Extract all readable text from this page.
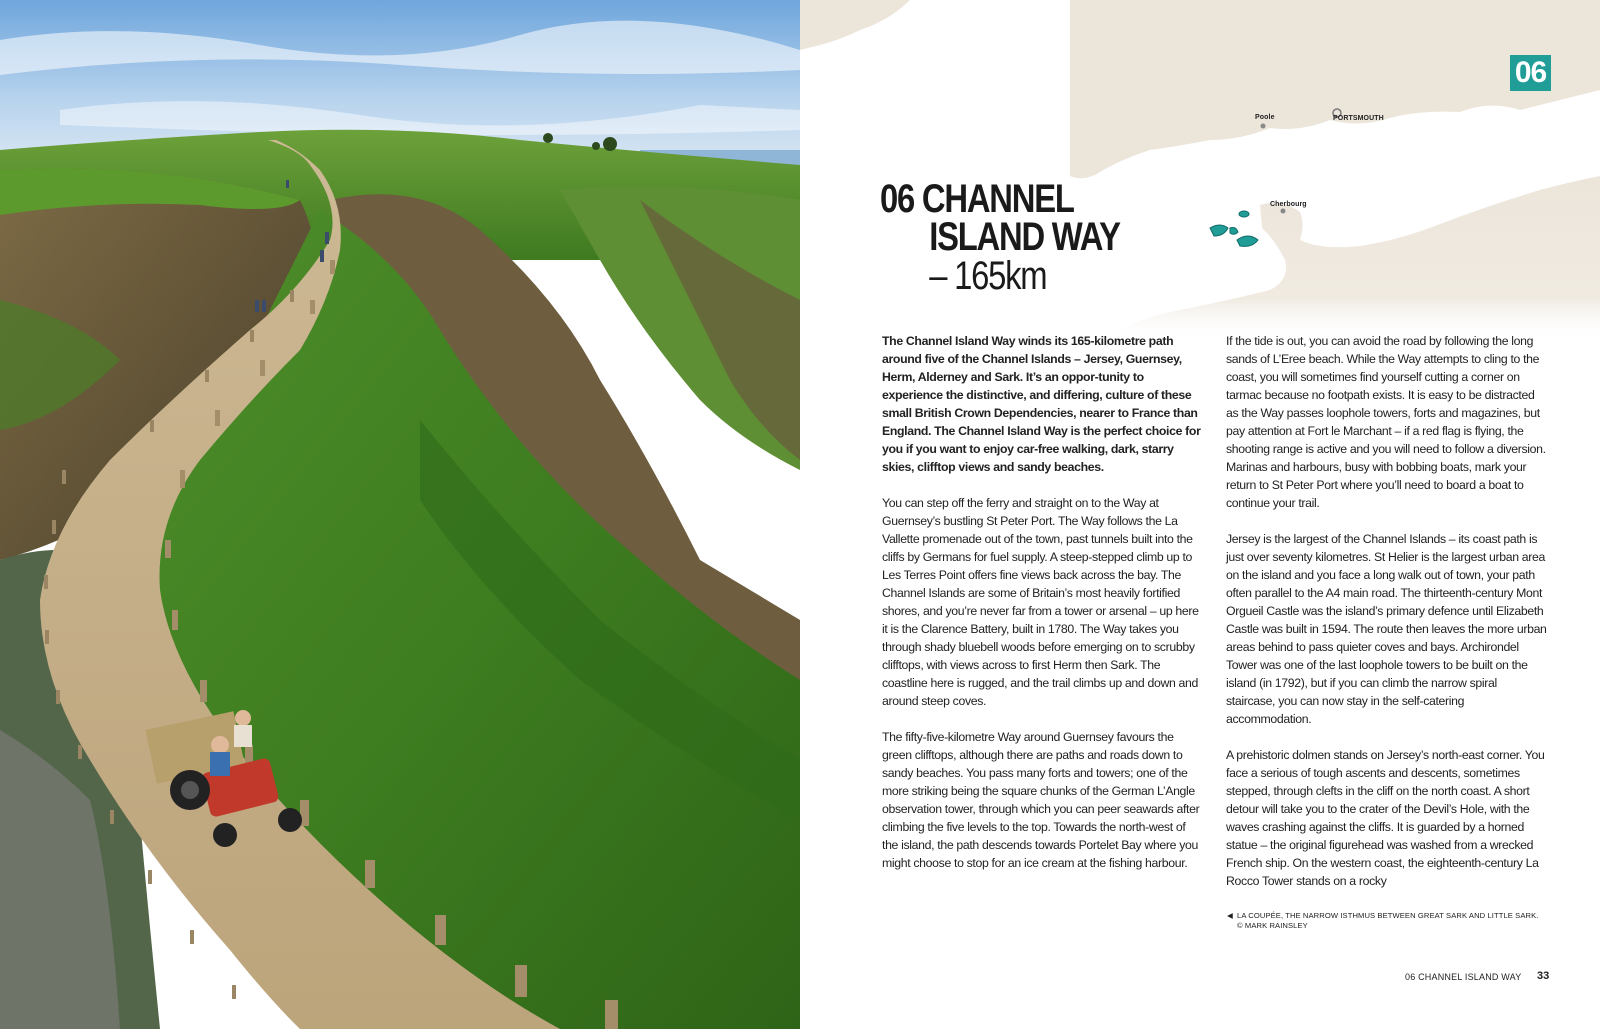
Poole	PORTSMOUTH
Cherbourg
06
06 CHANNEL
ISLAND WAY
– 165km

The Channel Island Way winds its 165-kilometre path around five of the Channel Islands – Jersey, Guernsey, Herm, Alderney and Sark. It’s an oppor-tunity to experience the distinctive, and differing, culture of these small British Crown Dependencies, nearer to France than England. The Channel Island Way is the perfect choice for you if you want to enjoy car-free walking, dark, starry skies, clifftop views and sandy beaches.

You can step off the ferry and straight on to the Way at Guernsey’s bustling St Peter Port. The Way follows the La Vallette promenade out of the town, past tunnels built into the cliffs by Germans for fuel supply. A steep-stepped climb up to Les Terres Point offers fine views back across the bay. The Channel Islands are some of Britain’s most heavily fortified shores, and you’re never far from a tower or arsenal – up here it is the Clarence Battery, built in 1780. The Way takes you through shady bluebell woods before emerging on to scrubby clifftops, with views across to first Herm then Sark. The coastline here is rugged, and the trail climbs up and down and around steep coves.

The fifty-five-kilometre Way around Guernsey favours the green clifftops, although there are paths and roads down to sandy beaches. You pass many forts and towers; one of the more striking being the square chunks of the German L’Angle observation tower, through which you can peer seawards after climbing the five levels to the top. Towards the north-west of the island, the path descends towards Portelet Bay where you might choose to stop for an ice cream at the fishing harbour.

If the tide is out, you can avoid the road by following the long sands of L’Eree beach. While the Way attempts to cling to the coast, you will sometimes find yourself cutting a corner on tarmac because no footpath exists. It is easy to be distracted as the Way passes loophole towers, forts and magazines, but pay attention at Fort le Marchant – if a red flag is flying, the shooting range is active and you will need to follow a diversion. Marinas and harbours, busy with bobbing boats, mark your return to St Peter Port where you’ll need to board a boat to continue your trail.

Jersey is the largest of the Channel Islands – its coast path is just over seventy kilometres. St Helier is the largest urban area on the island and you face a long walk out of town, your path often parallel to the A4 main road. The thirteenth-century Mont Orgueil Castle was the island’s primary defence until Elizabeth Castle was built in 1594. The route then leaves the more urban areas behind to pass quieter coves and bays. Archirondel Tower was one of the last loophole towers to be built on the island (in 1792), but if you can climb the narrow spiral staircase, you can now stay in the self-catering accommodation.

A prehistoric dolmen stands on Jersey’s north-east corner. You face a serious of tough ascents and descents, sometimes stepped, through clefts in the cliff on the north coast. A short detour will take you to the crater of the Devil’s Hole, with the waves crashing against the cliffs. It is guarded by a horned statue – the original figurehead was washed from a wrecked French ship. On the western coast, the eighteenth-century La Rocco Tower stands on a rocky

◀ LA COUPÉE, THE NARROW ISTHMUS BETWEEN GREAT SARK AND LITTLE SARK.
© MARK RAINSLEY
06 CHANNEL ISLAND WAY 33
